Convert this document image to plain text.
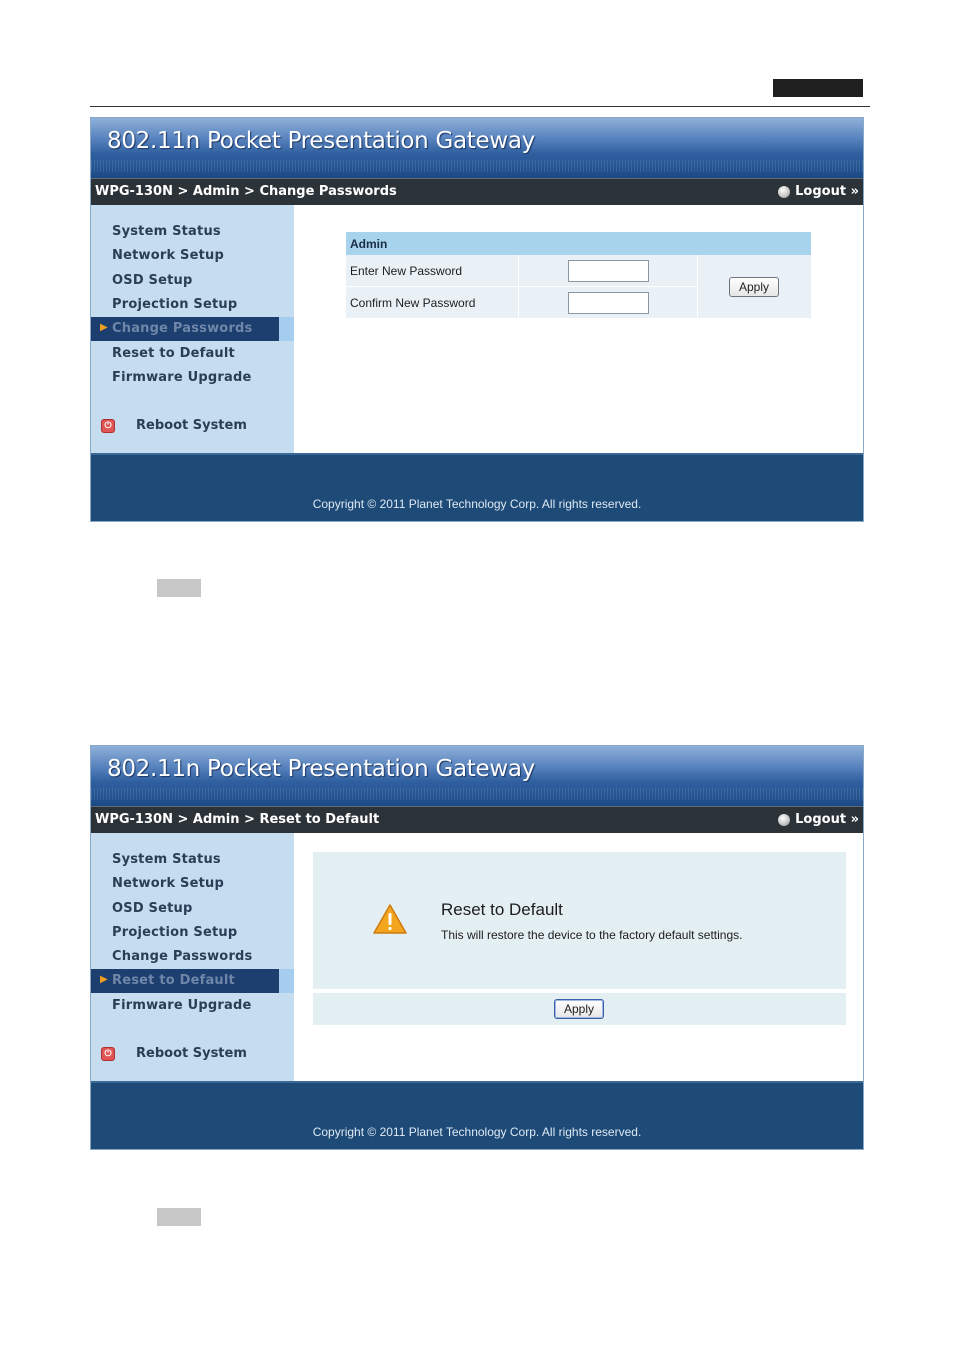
802.11n Pocket Presentation Gateway
WPG-130N > Admin > Change Passwords	Logout »
System Status
Network Setup
OSD Setup
Projection Setup
▶ Change Passwords
Reset to Default
Firmware Upgrade
⏻ Reboot System
Admin
Enter New Password
Confirm New Password
Apply
Copyright © 2011 Planet Technology Corp. All rights reserved.
802.11n Pocket Presentation Gateway
WPG-130N > Admin > Reset to Default	Logout »
System Status
Network Setup
OSD Setup
Projection Setup
Change Passwords
▶ Reset to Default
Firmware Upgrade
⏻ Reboot System
Reset to Default
This will restore the device to the factory default settings.
Apply
Copyright © 2011 Planet Technology Corp. All rights reserved.
